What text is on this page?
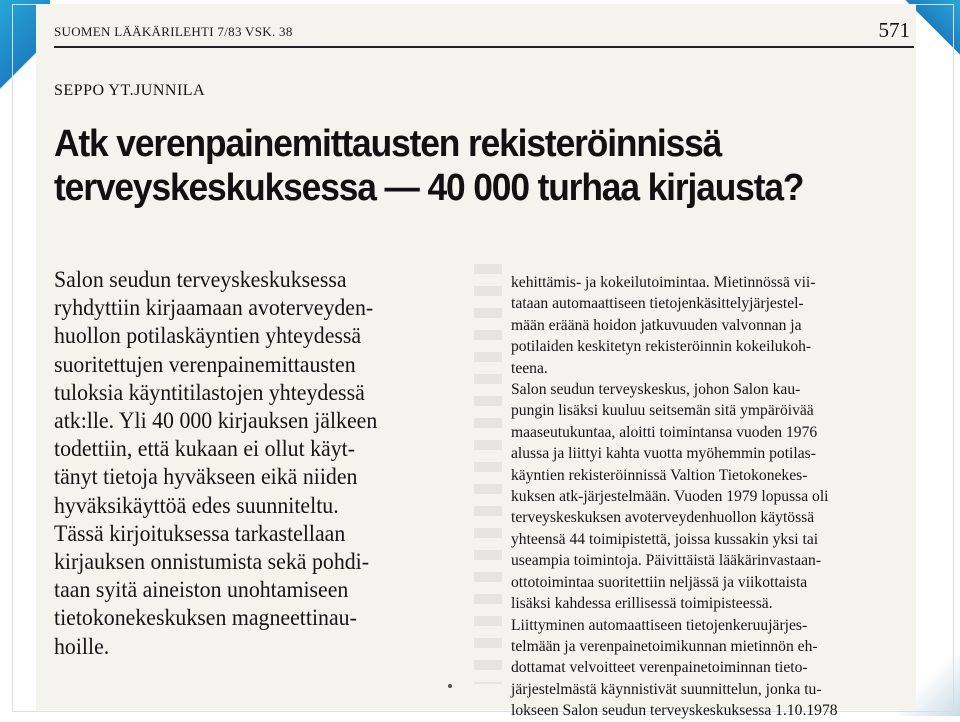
SUOMEN LÄÄKÄRILEHTI 7/83 VSK. 38	571
SEPPO YT.JUNNILA
Atk verenpainemittausten rekisteröinnissä
terveyskeskuksessa — 40 000 turhaa kirjausta?
Salon seudun terveyskeskuksessa
ryhdyttiin kirjaamaan avoterveyden-
huollon potilaskäyntien yhteydessä
suoritettujen verenpainemittausten
tuloksia käyntitilastojen yhteydessä
atk:lle. Yli 40 000 kirjauksen jälkeen
todettiin, että kukaan ei ollut käyt-
tänyt tietoja hyväkseen eikä niiden
hyväksikäyttöä edes suunniteltu.
Tässä kirjoituksessa tarkastellaan
kirjauksen onnistumista sekä pohdi-
taan syitä aineiston unohtamiseen
tietokonekeskuksen magneettinau-
hoille.
kehittämis- ja kokeilutoimintaa. Mietinnössä vii-
tataan automaattiseen tietojenkäsittelyjärjestel-
mään eräänä hoidon jatkuvuuden valvonnan ja
potilaiden keskitetyn rekisteröinnin kokeilukoh-
teena.
Salon seudun terveyskeskus, johon Salon kau-
pungin lisäksi kuuluu seitsemän sitä ympäröivää
maaseutukuntaa, aloitti toimintansa vuoden 1976
alussa ja liittyi kahta vuotta myöhemmin potilas-
käyntien rekisteröinnissä Valtion Tietokonekes-
kuksen atk-järjestelmään. Vuoden 1979 lopussa oli
terveyskeskuksen avoterveydenhuollon käytössä
yhteensä 44 toimipistettä, joissa kussakin yksi tai
useampia toimintoja. Päivittäistä lääkärinvastaan-
ottotoimintaa suoritettiin neljässä ja viikottaista
lisäksi kahdessa erillisessä toimipisteessä.
Liittyminen automaattiseen tietojenkeruujärjes-
telmään ja verenpainetoimikunnan mietinnön eh-
dottamat velvoitteet verenpainetoiminnan tieto-
järjestelmästä käynnistivät suunnittelun, jonka tu-
lokseen Salon seudun terveyskeskuksessa 1.10.1978
